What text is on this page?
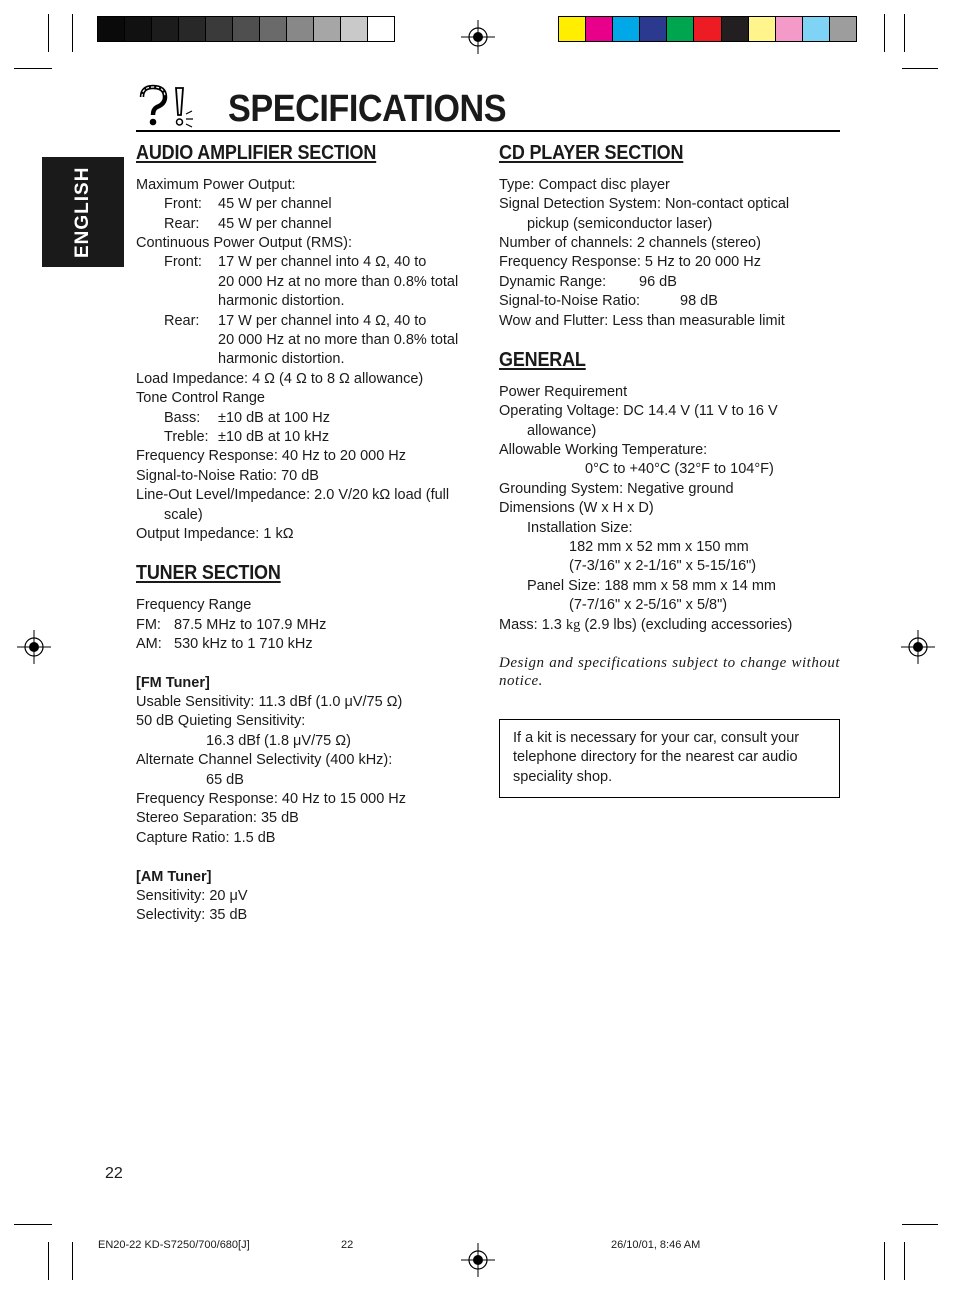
SPECIFICATIONS
ENGLISH
AUDIO AMPLIFIER SECTION
Maximum Power Output:
Front: 45 W per channel
Rear: 45 W per channel
Continuous Power Output (RMS):
Front: 17 W per channel into 4 Ω, 40 to
20 000 Hz at no more than 0.8% total
harmonic distortion.
Rear: 17 W per channel into 4 Ω, 40 to
20 000 Hz at no more than 0.8% total
harmonic distortion.
Load Impedance: 4 Ω (4 Ω to 8 Ω allowance)
Tone Control Range
Bass: ±10 dB at 100 Hz
Treble: ±10 dB at 10 kHz
Frequency Response: 40 Hz to 20 000 Hz
Signal-to-Noise Ratio: 70 dB
Line-Out Level/Impedance: 2.0 V/20 kΩ load (full
scale)
Output Impedance: 1 kΩ
TUNER SECTION
Frequency Range
FM: 87.5 MHz to 107.9 MHz
AM: 530 kHz to 1 710 kHz
[FM Tuner]
Usable Sensitivity: 11.3 dBf (1.0 μV/75 Ω)
50 dB Quieting Sensitivity:
16.3 dBf (1.8 μV/75 Ω)
Alternate Channel Selectivity (400 kHz):
65 dB
Frequency Response: 40 Hz to 15 000 Hz
Stereo Separation: 35 dB
Capture Ratio: 1.5 dB
[AM Tuner]
Sensitivity: 20 μV
Selectivity: 35 dB
CD PLAYER SECTION
Type: Compact disc player
Signal Detection System: Non-contact optical
pickup (semiconductor laser)
Number of channels: 2 channels (stereo)
Frequency Response: 5 Hz to 20 000 Hz
Dynamic Range: 96 dB
Signal-to-Noise Ratio:	98 dB
Wow and Flutter: Less than measurable limit
GENERAL
Power Requirement
Operating Voltage: DC 14.4 V (11 V to 16 V
allowance)
Allowable Working Temperature:
0°C to +40°C (32°F to 104°F)
Grounding System: Negative ground
Dimensions (W x H x D)
Installation Size:
182 mm x 52 mm x 150 mm
(7-3/16" x 2-1/16" x 5-15/16")
Panel Size: 188 mm x 58 mm x 14 mm
(7-7/16" x 2-5/16" x 5/8")
Mass: 1.3 kg (2.9 lbs) (excluding accessories)
Design and specifications subject to change without notice.
If a kit is necessary for your car, consult your
telephone directory for the nearest car audio
speciality shop.
22
EN20-22 KD-S7250/700/680[J]	22	26/10/01, 8:46 AM
